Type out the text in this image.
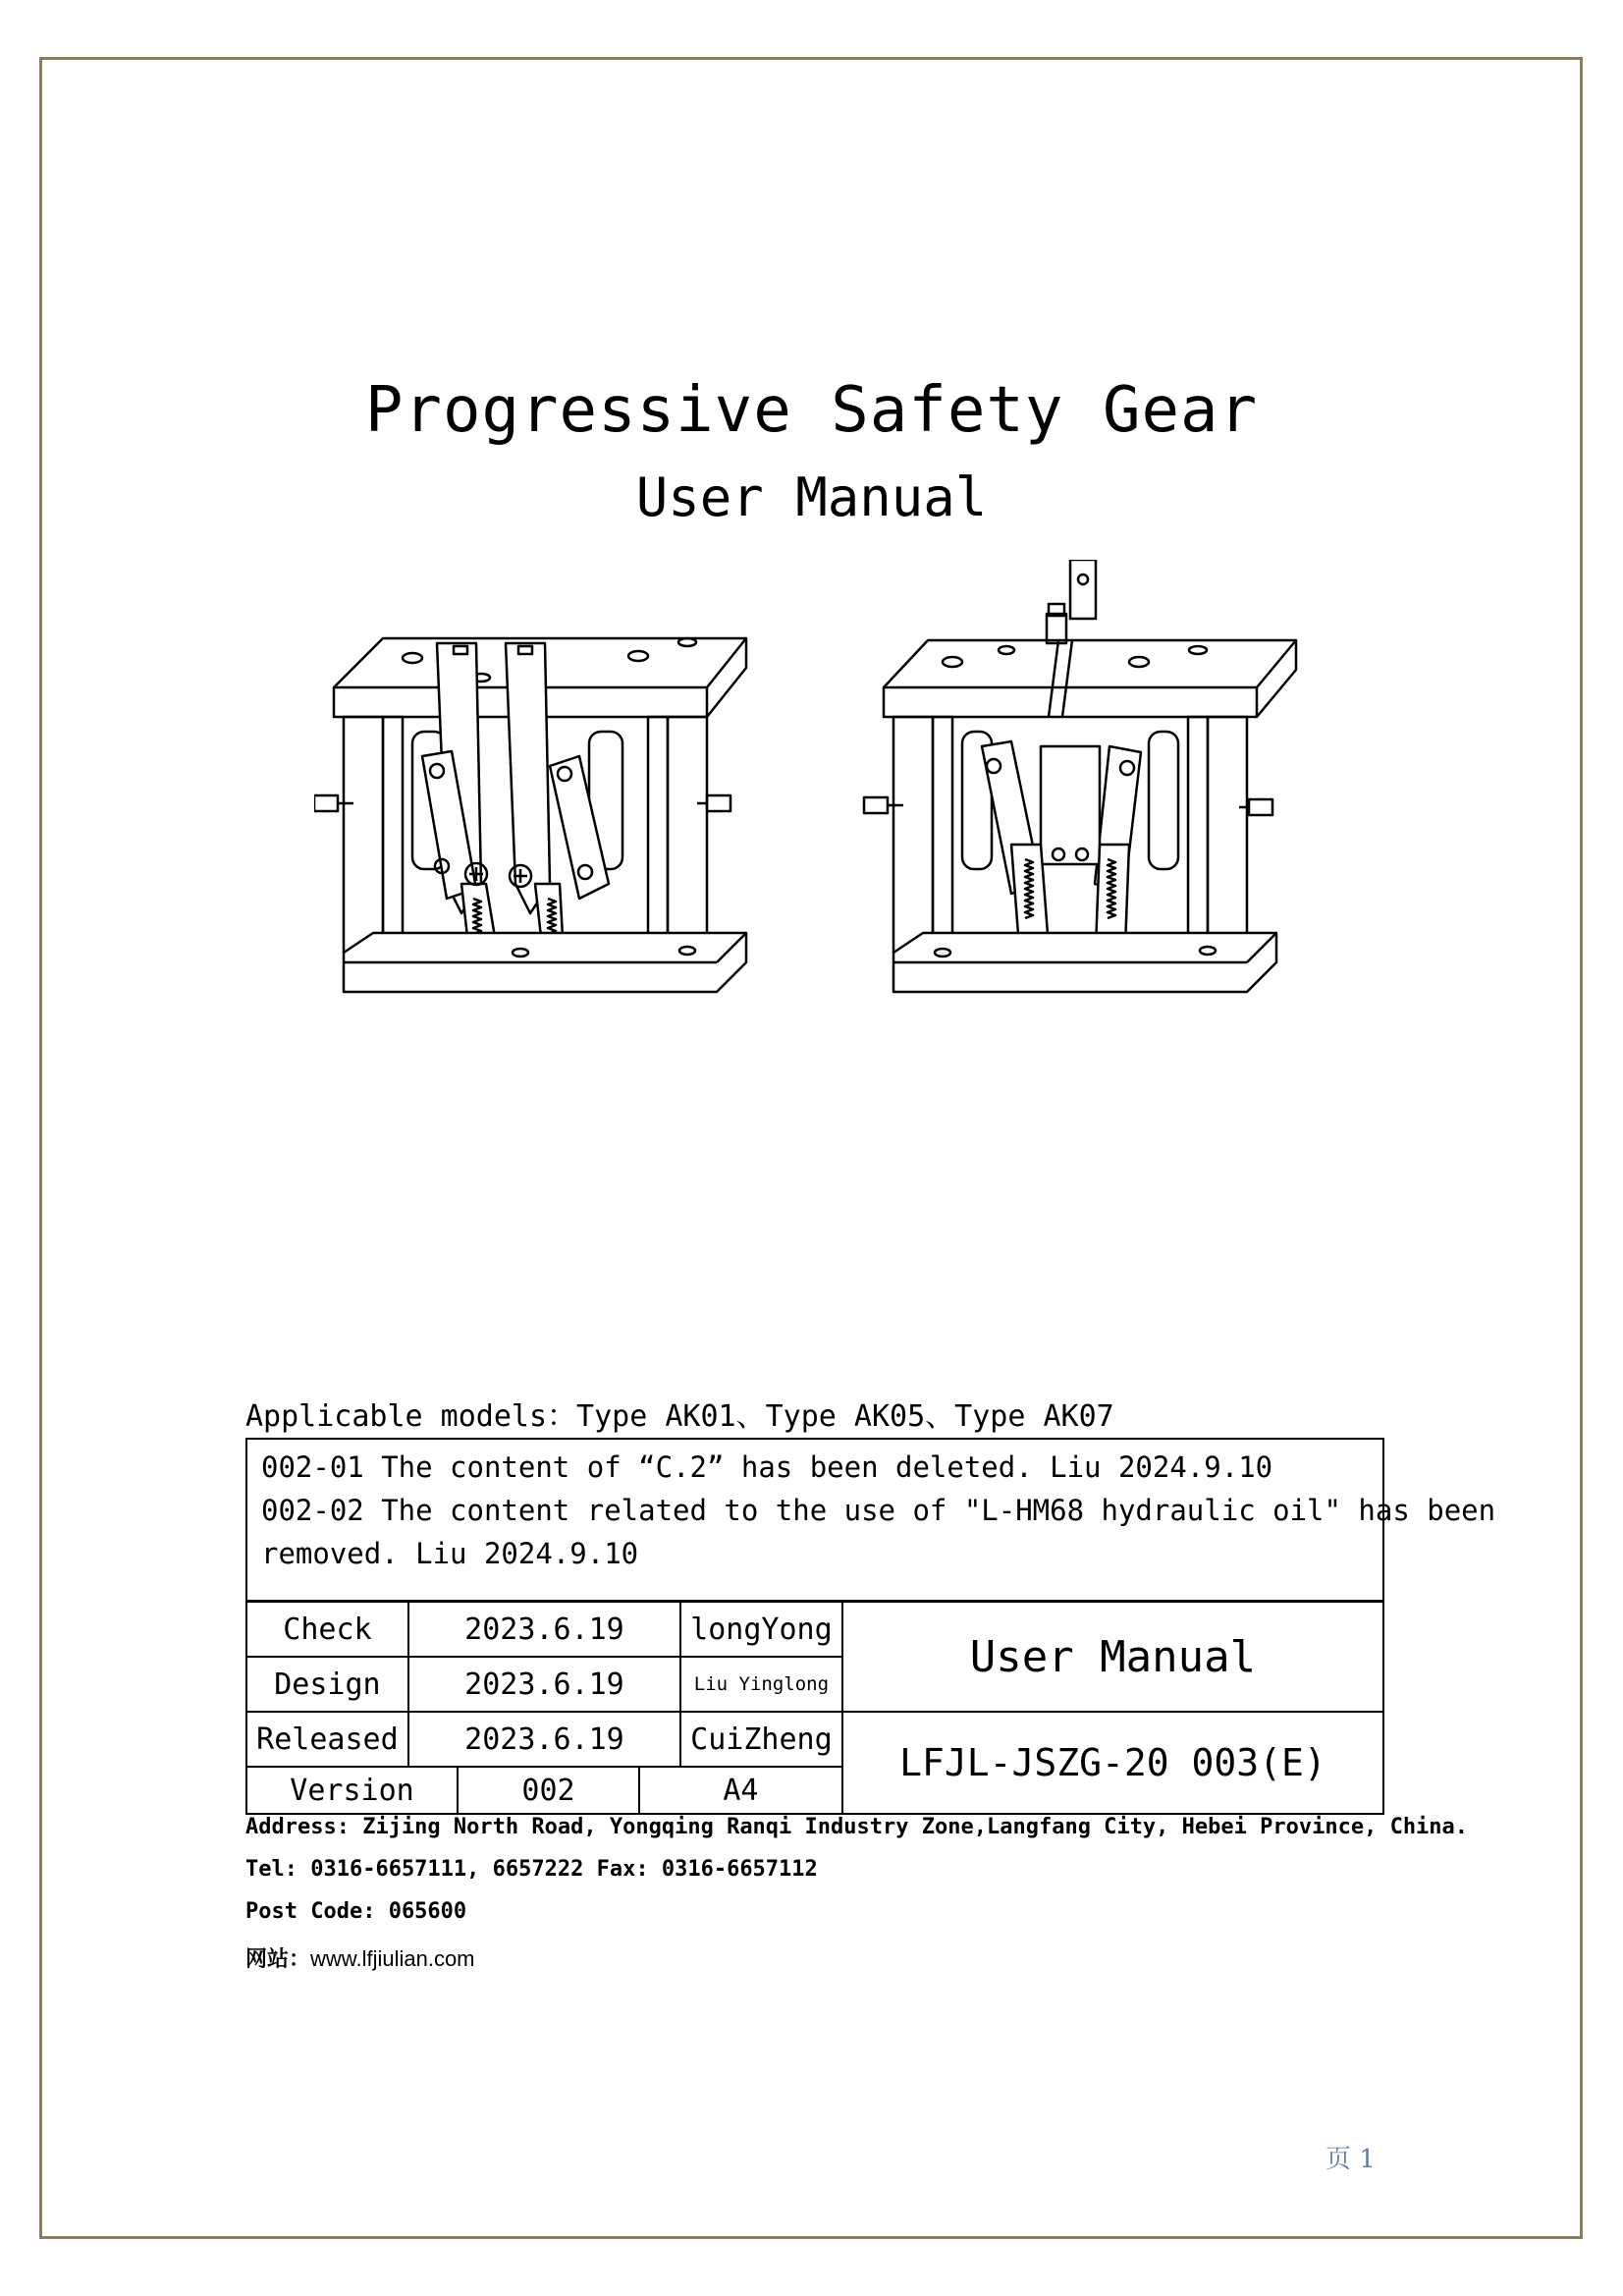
Progressive Safety Gear
User Manual
Applicable models：Type AK01、Type AK05、Type AK07
002-01 The content of “C.2” has been deleted. Liu 2024.9.10
002-02 The content related to the use of "L-HM68 hydraulic oil" has been
removed. Liu 2024.9.10
Check	2023.6.19	longYong	User Manual
Design	2023.6.19	Liu Yinglong	
Released	2023.6.19	CuiZheng	LFJL-JSZG-20 003(E)

Version 002 A4			
Address: Zijing North Road, Yongqing Ranqi Industry Zone,Langfang City, Hebei Province, China.
Tel: 0316-6657111, 6657222 Fax: 0316-6657112
Post Code: 065600
网站：www.lfjiulian.com
页 1
